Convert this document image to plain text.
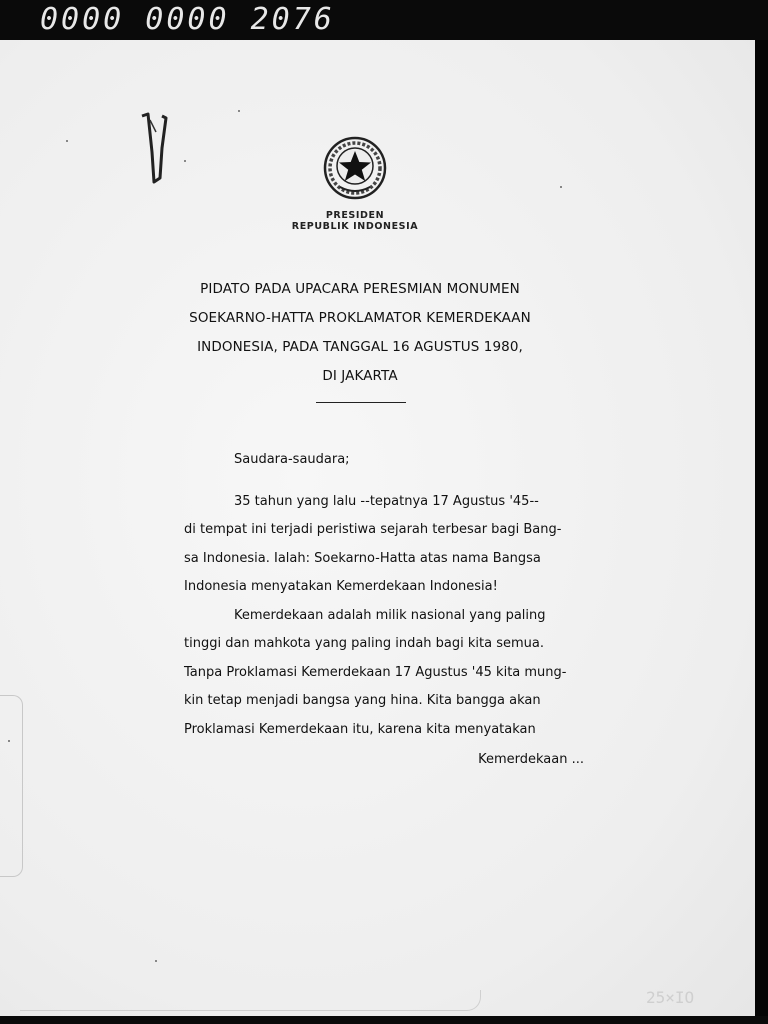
0000 0000 2076
PRESIDEN
REPUBLIK INDONESIA
PIDATO PADA UPACARA PERESMIAN MONUMEN
SOEKARNO-HATTA PROKLAMATOR KEMERDEKAAN
INDONESIA, PADA TANGGAL 16 AGUSTUS 1980,
DI JAKARTA
Saudara-saudara;

35 tahun yang lalu --tepatnya 17 Agustus '45--

di tempat ini terjadi peristiwa sejarah terbesar bagi Bang-

sa Indonesia. Ialah: Soekarno-Hatta atas nama Bangsa

Indonesia menyatakan Kemerdekaan Indonesia!

Kemerdekaan adalah milik nasional yang paling

tinggi dan mahkota yang paling indah bagi kita semua.

Tanpa Proklamasi Kemerdekaan 17 Agustus '45 kita mung-

kin tetap menjadi bangsa yang hina. Kita bangga akan

Proklamasi Kemerdekaan itu, karena kita menyatakan

Kemerdekaan ...
25×IO
